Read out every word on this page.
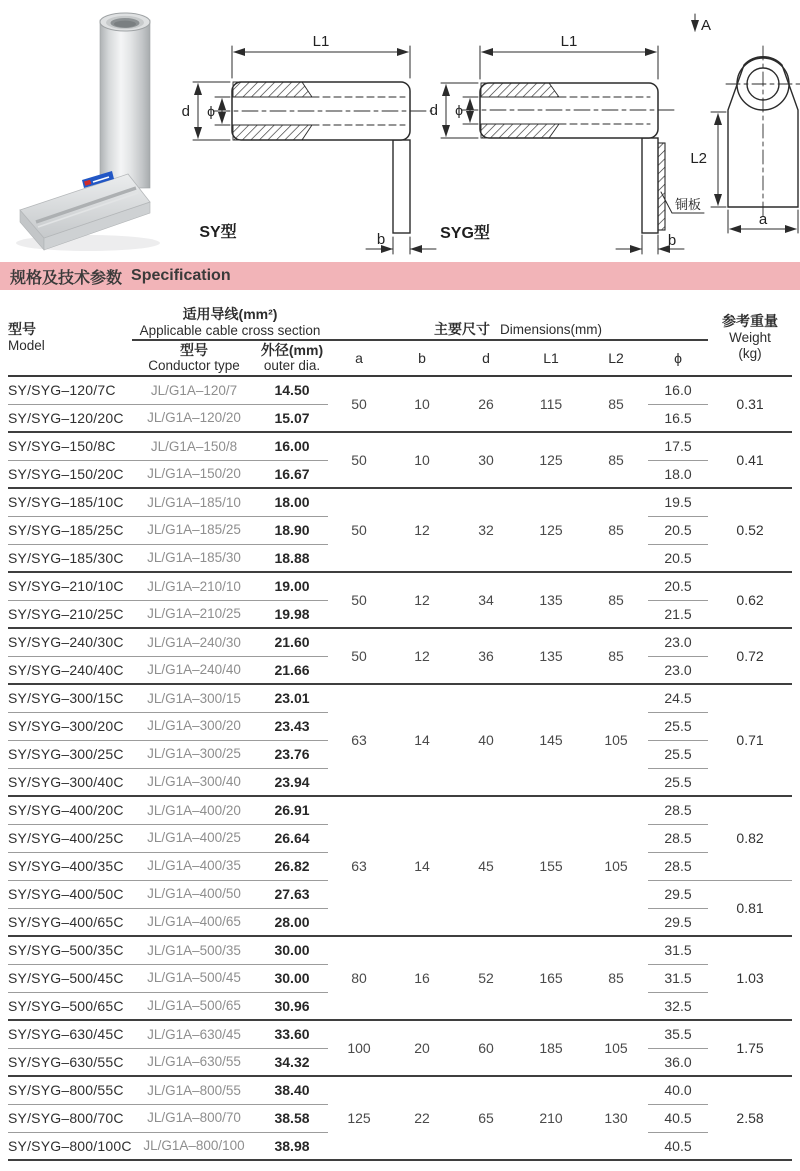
L1
d ϕ
b
SY型
L1
d ϕ
b
铜板
SYG型
L2
a
A
规格及技术参数 Specification
型号
Model

适用导线(mm²)
Applicable cable cross section	主要尺寸 Dimensions(mm)	
参考重量
Weight
(kg)

型号
Conductor type

外径(mm)
outer dia.	a	b	d	L1	L2	ϕ
SY/SYG–120/7C	JL/G1A–120/7	14.50	50	10	26	115	85	16.0	0.31
SY/SYG–120/20C	JL/G1A–120/20	15.07						16.5	
SY/SYG–150/8C	JL/G1A–150/8	16.00	50	10	30	125	85	17.5	0.41
SY/SYG–150/20C	JL/G1A–150/20	16.67						18.0	
SY/SYG–185/10C	JL/G1A–185/10	18.00	50	12	32	125	85	19.5	0.52
SY/SYG–185/25C	JL/G1A–185/25	18.90						20.5	
SY/SYG–185/30C	JL/G1A–185/30	18.88						20.5	
SY/SYG–210/10C	JL/G1A–210/10	19.00	50	12	34	135	85	20.5	0.62
SY/SYG–210/25C	JL/G1A–210/25	19.98						21.5	
SY/SYG–240/30C	JL/G1A–240/30	21.60	50	12	36	135	85	23.0	0.72
SY/SYG–240/40C	JL/G1A–240/40	21.66						23.0	
SY/SYG–300/15C	JL/G1A–300/15	23.01	63	14	40	145	105	24.5	0.71
SY/SYG–300/20C	JL/G1A–300/20	23.43						25.5	
SY/SYG–300/25C	JL/G1A–300/25	23.76						25.5	
SY/SYG–300/40C	JL/G1A–300/40	23.94						25.5	
SY/SYG–400/20C	JL/G1A–400/20	26.91	63	14	45	155	105	28.5	0.82
SY/SYG–400/25C	JL/G1A–400/25	26.64						28.5	
SY/SYG–400/35C	JL/G1A–400/35	26.82						28.5	
SY/SYG–400/50C	JL/G1A–400/50	27.63						29.5	0.81
SY/SYG–400/65C	JL/G1A–400/65	28.00						29.5	
SY/SYG–500/35C	JL/G1A–500/35	30.00	80	16	52	165	85	31.5	1.03
SY/SYG–500/45C	JL/G1A–500/45	30.00						31.5	
SY/SYG–500/65C	JL/G1A–500/65	30.96						32.5	
SY/SYG–630/45C	JL/G1A–630/45	33.60	100	20	60	185	105	35.5	1.75
SY/SYG–630/55C	JL/G1A–630/55	34.32						36.0	
SY/SYG–800/55C	JL/G1A–800/55	38.40	125	22	65	210	130	40.0	2.58
SY/SYG–800/70C	JL/G1A–800/70	38.58						40.5	
SY/SYG–800/100C	JL/G1A–800/100	38.98						40.5	
